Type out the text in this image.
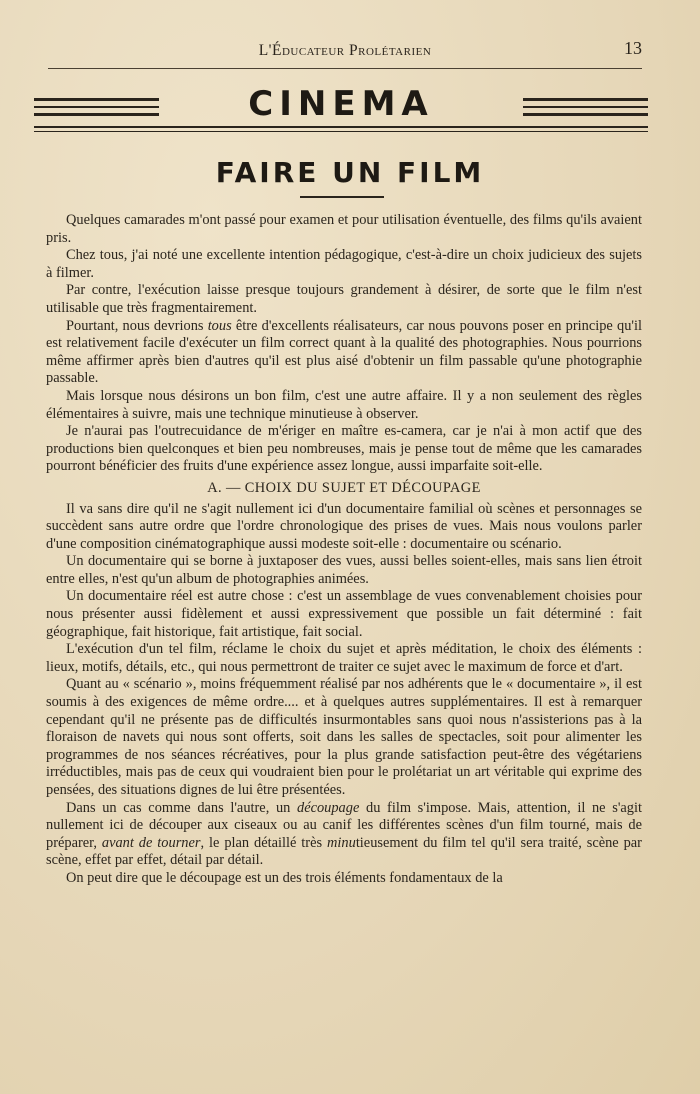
L'Éducateur Prolétarien	13
CINEMA
FAIRE UN FILM

Quelques camarades m'ont passé pour examen et pour utilisation éventuelle, des films qu'ils avaient pris.

Chez tous, j'ai noté une excellente intention pédagogique, c'est-à-dire un choix judicieux des sujets à filmer.

Par contre, l'exécution laisse presque toujours grandement à désirer, de sorte que le film n'est utilisable que très fragmentairement.

Pourtant, nous devrions tous être d'excellents réalisateurs, car nous pouvons poser en principe qu'il est relativement facile d'exécuter un film correct quant à la qualité des photographies. Nous pourrions même affirmer après bien d'autres qu'il est plus aisé d'obtenir un film passable qu'une photographie passable.

Mais lorsque nous désirons un bon film, c'est une autre affaire. Il y a non seulement des règles élémentaires à suivre, mais une technique minutieuse à observer.

Je n'aurai pas l'outrecuidance de m'ériger en maître es-camera, car je n'ai à mon actif que des productions bien quelconques et bien peu nombreuses, mais je pense tout de même que les camarades pourront bénéficier des fruits d'une expérience assez longue, aussi imparfaite soit-elle.

A. — CHOIX DU SUJET ET DÉCOUPAGE

Il va sans dire qu'il ne s'agit nullement ici d'un documentaire familial où scènes et personnages se succèdent sans autre ordre que l'ordre chronologique des prises de vues. Mais nous voulons parler d'une composition cinématographique aussi modeste soit-elle : documentaire ou scénario.

Un documentaire qui se borne à juxtaposer des vues, aussi belles soient-elles, mais sans lien étroit entre elles, n'est qu'un album de photographies animées.

Un documentaire réel est autre chose : c'est un assemblage de vues convenablement choisies pour nous présenter aussi fidèlement et aussi expressivement que possible un fait déterminé : fait géographique, fait historique, fait artistique, fait social.

L'exécution d'un tel film, réclame le choix du sujet et après méditation, le choix des éléments : lieux, motifs, détails, etc., qui nous permettront de traiter ce sujet avec le maximum de force et d'art.

Quant au « scénario », moins fréquemment réalisé par nos adhérents que le « documentaire », il est soumis à des exigences de même ordre.... et à quelques autres supplémentaires. Il est à remarquer cependant qu'il ne présente pas de difficultés insurmontables sans quoi nous n'assisterions pas à la floraison de navets qui nous sont offerts, soit dans les salles de spectacles, soit pour alimenter les programmes de nos séances récréatives, pour la plus grande satisfaction peut-être des végétariens irréductibles, mais pas de ceux qui voudraient bien pour le prolétariat un art véritable qui exprime des pensées, des situations dignes de lui être présentées.

Dans un cas comme dans l'autre, un découpage du film s'impose. Mais, attention, il ne s'agit nullement ici de découper aux ciseaux ou au canif les différentes scènes d'un film tourné, mais de préparer, avant de tourner, le plan détaillé très minutieusement du film tel qu'il sera traité, scène par scène, effet par effet, détail par détail.

On peut dire que le découpage est un des trois éléments fondamentaux de la
